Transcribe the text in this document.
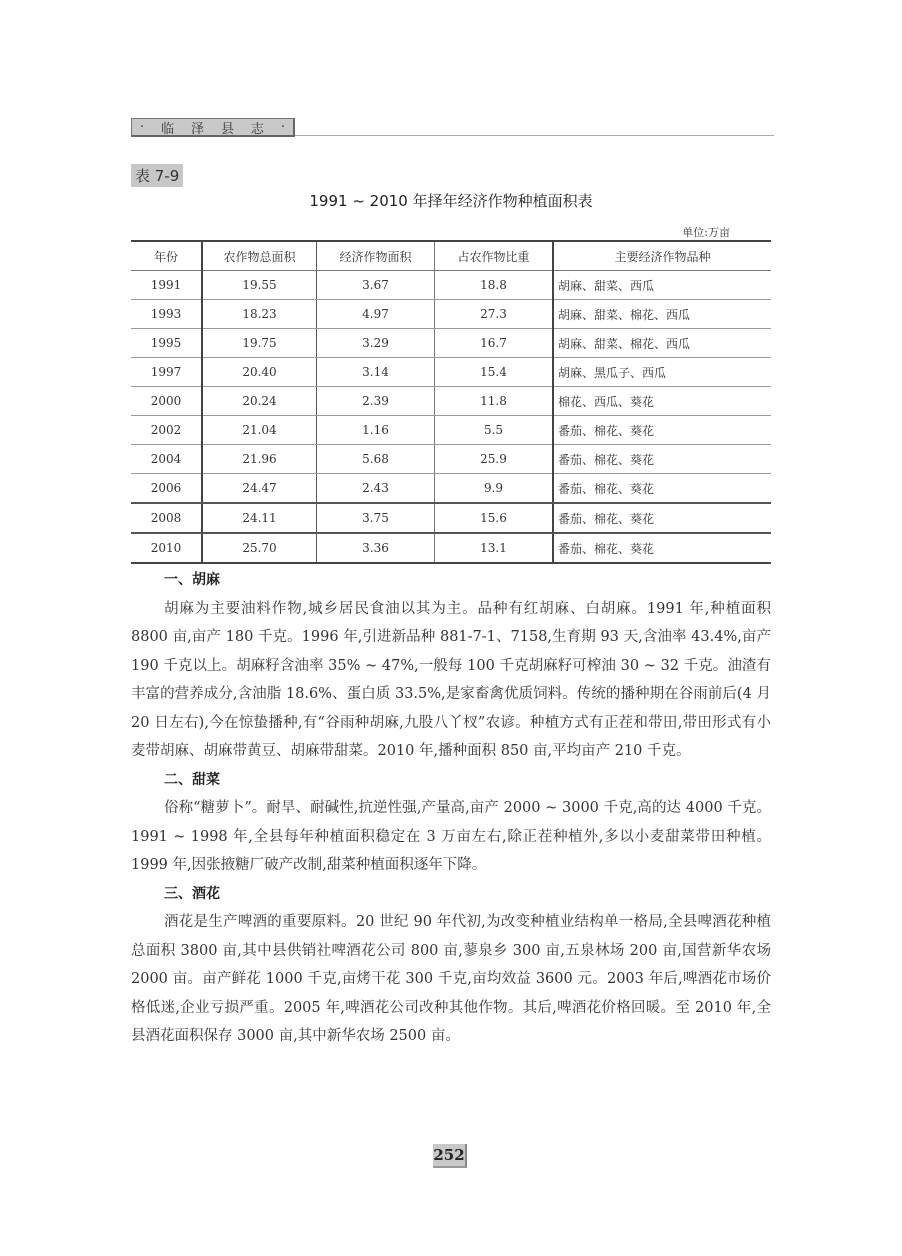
· 临 泽 县 志 ·
表 7-9
1991 ~ 2010 年择年经济作物种植面积表
单位:万亩
年份	农作物总面积	经济作物面积	占农作物比重	主要经济作物品种
1991	19.55	3.67	18.8	胡麻、甜菜、西瓜
1993	18.23	4.97	27.3	胡麻、甜菜、棉花、西瓜
1995	19.75	3.29	16.7	胡麻、甜菜、棉花、西瓜
1997	20.40	3.14	15.4	胡麻、黑瓜子、西瓜
2000	20.24	2.39	11.8	棉花、西瓜、葵花
2002	21.04	1.16	5.5	番茄、棉花、葵花
2004	21.96	5.68	25.9	番茄、棉花、葵花
2006	24.47	2.43	9.9	番茄、棉花、葵花
2008	24.11	3.75	15.6	番茄、棉花、葵花
2010	25.70	3.36	13.1	番茄、棉花、葵花
一、胡麻

胡麻为主要油料作物,城乡居民食油以其为主。品种有红胡麻、白胡麻。1991 年,种植面积 8800 亩,亩产 180 千克。1996 年,引进新品种 881-7-1、7158,生育期 93 天,含油率 43.4%,亩产 190 千克以上。胡麻籽含油率 35% ~ 47%,一般每 100 千克胡麻籽可榨油 30 ~ 32 千克。油渣有丰富的营养成分,含油脂 18.6%、蛋白质 33.5%,是家畜禽优质饲料。传统的播种期在谷雨前后(4 月 20 日左右),今在惊蛰播种,有“谷雨种胡麻,九股八丫杈”农谚。种植方式有正茬和带田,带田形式有小麦带胡麻、胡麻带黄豆、胡麻带甜菜。2010 年,播种面积 850 亩,平均亩产 210 千克。

二、甜菜

俗称“糖萝卜”。耐旱、耐碱性,抗逆性强,产量高,亩产 2000 ~ 3000 千克,高的达 4000 千克。1991 ~ 1998 年,全县每年种植面积稳定在 3 万亩左右,除正茬种植外,多以小麦甜菜带田种植。1999 年,因张掖糖厂破产改制,甜菜种植面积逐年下降。

三、酒花

酒花是生产啤酒的重要原料。20 世纪 90 年代初,为改变种植业结构单一格局,全县啤酒花种植总面积 3800 亩,其中县供销社啤酒花公司 800 亩,蓼泉乡 300 亩,五泉林场 200 亩,国营新华农场 2000 亩。亩产鲜花 1000 千克,亩烤干花 300 千克,亩均效益 3600 元。2003 年后,啤酒花市场价格低迷,企业亏损严重。2005 年,啤酒花公司改种其他作物。其后,啤酒花价格回暖。至 2010 年,全县酒花面积保存 3000 亩,其中新华农场 2500 亩。

252
